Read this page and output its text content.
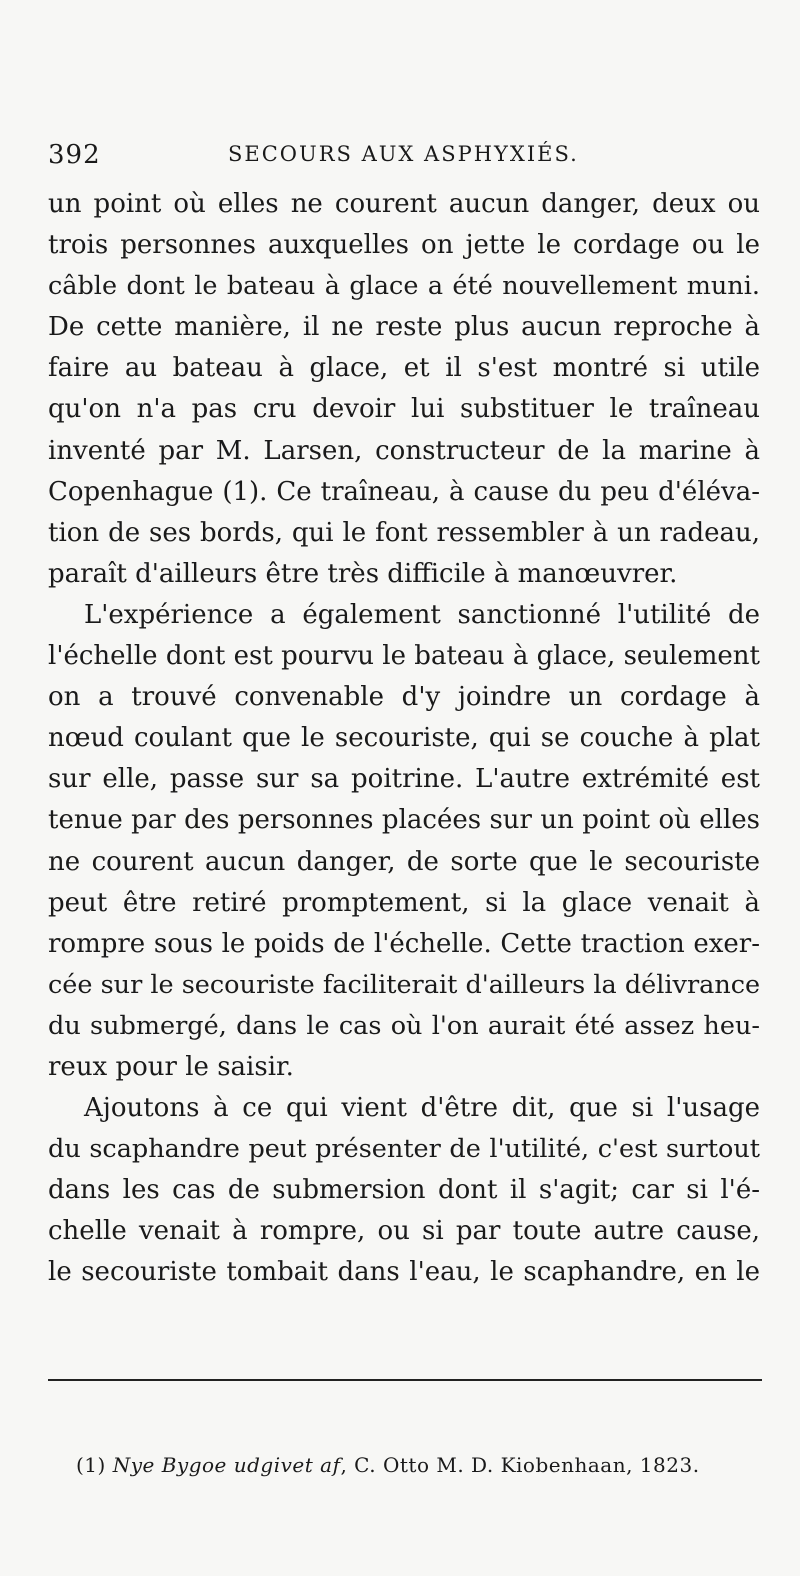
392	SECOURS AUX ASPHYXIÉS.
un point où elles ne courent aucun danger, deux ou
trois personnes auxquelles on jette le cordage ou le
câble dont le bateau à glace a été nouvellement muni.
De cette manière, il ne reste plus aucun reproche à
faire au bateau à glace, et il s'est montré si utile
qu'on n'a pas cru devoir lui substituer le traîneau
inventé par M. Larsen, constructeur de la marine à
Copenhague (1). Ce traîneau, à cause du peu d'éléva-
tion de ses bords, qui le font ressembler à un radeau,
paraît d'ailleurs être très difficile à manœuvrer.
L'expérience a également sanctionné l'utilité de
l'échelle dont est pourvu le bateau à glace, seulement
on a trouvé convenable d'y joindre un cordage à
nœud coulant que le secouriste, qui se couche à plat
sur elle, passe sur sa poitrine. L'autre extrémité est
tenue par des personnes placées sur un point où elles
ne courent aucun danger, de sorte que le secouriste
peut être retiré promptement, si la glace venait à
rompre sous le poids de l'échelle. Cette traction exer-
cée sur le secouriste faciliterait d'ailleurs la délivrance
du submergé, dans le cas où l'on aurait été assez heu-
reux pour le saisir.
Ajoutons à ce qui vient d'être dit, que si l'usage
du scaphandre peut présenter de l'utilité, c'est surtout
dans les cas de submersion dont il s'agit; car si l'é-
chelle venait à rompre, ou si par toute autre cause,
le secouriste tombait dans l'eau, le scaphandre, en le
(1) Nye Bygoe udgivet af, C. Otto M. D. Kiobenhaan, 1823.
